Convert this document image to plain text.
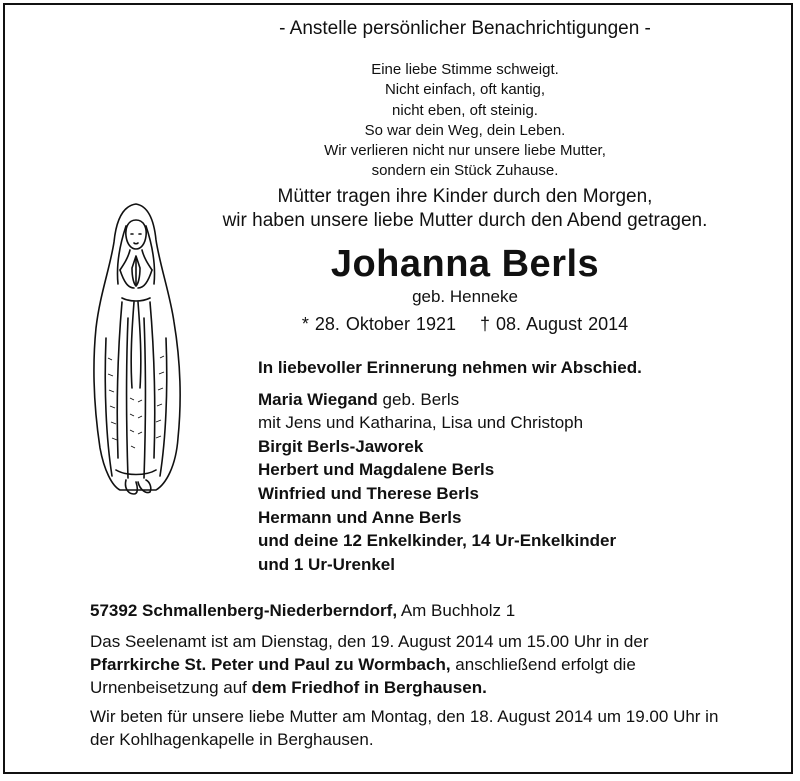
- Anstelle persönlicher Benachrichtigungen -
Eine liebe Stimme schweigt.
Nicht einfach, oft kantig,
nicht eben, oft steinig.
So war dein Weg, dein Leben.
Wir verlieren nicht nur unsere liebe Mutter,
sondern ein Stück Zuhause.
Mütter tragen ihre Kinder durch den Morgen,
wir haben unsere liebe Mutter durch den Abend getragen.
Johanna Berls
geb. Henneke
* 28. Oktober 1921 † 08. August 2014
In liebevoller Erinnerung nehmen wir Abschied.
Maria Wiegand geb. Berls
mit Jens und Katharina, Lisa und Christoph
Birgit Berls-Jaworek
Herbert und Magdalene Berls
Winfried und Therese Berls
Hermann und Anne Berls
und deine 12 Enkelkinder, 14 Ur-Enkelkinder
und 1 Ur-Urenkel
57392 Schmallenberg-Niederberndorf, Am Buchholz 1
Das Seelenamt ist am Dienstag, den 19. August 2014 um 15.00 Uhr in der Pfarrkirche St. Peter und Paul zu Wormbach, anschließend erfolgt die Urnenbeisetzung auf dem Friedhof in Berghausen.
Wir beten für unsere liebe Mutter am Montag, den 18. August 2014 um 19.00 Uhr in der Kohlhagenkapelle in Berghausen.
